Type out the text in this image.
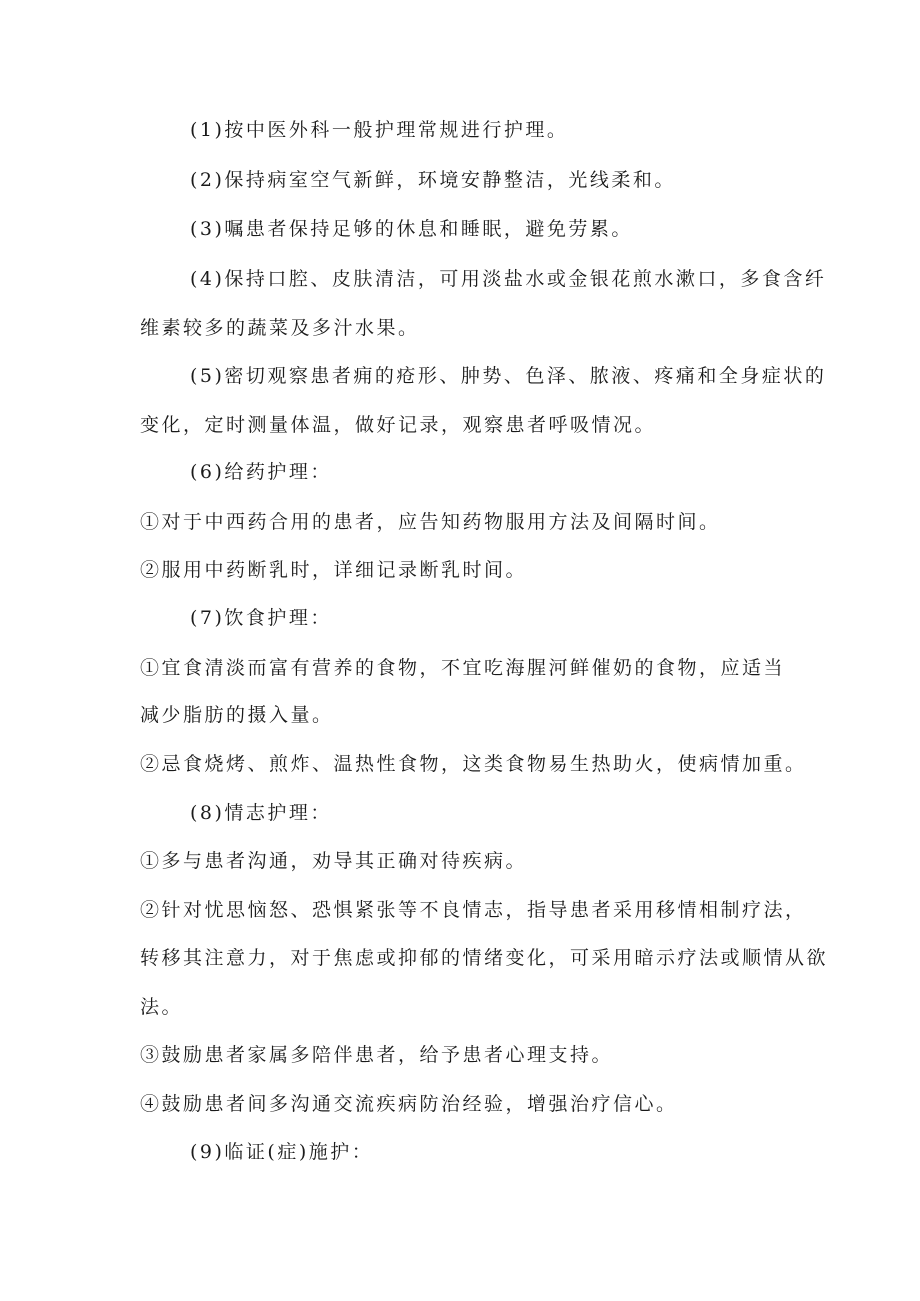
(1)按中医外科一般护理常规进行护理。
(2)保持病室空气新鲜，环境安静整洁，光线柔和。
(3)嘱患者保持足够的休息和睡眠，避免劳累。
(4)保持口腔、皮肤清洁，可用淡盐水或金银花煎水漱口，多食含纤
维素较多的蔬菜及多汁水果。
(5)密切观察患者痈的疮形、肿势、色泽、脓液、疼痛和全身症状的
变化，定时测量体温，做好记录，观察患者呼吸情况。
(6)给药护理：
①对于中西药合用的患者，应告知药物服用方法及间隔时间。
②服用中药断乳时，详细记录断乳时间。
(7)饮食护理：
①宜食清淡而富有营养的食物，不宜吃海腥河鲜催奶的食物，应适当
减少脂肪的摄入量。
②忌食烧烤、煎炸、温热性食物，这类食物易生热助火，使病情加重。
(8)情志护理：
①多与患者沟通，劝导其正确对待疾病。
②针对忧思恼怒、恐惧紧张等不良情志，指导患者采用移情相制疗法，
转移其注意力，对于焦虑或抑郁的情绪变化，可采用暗示疗法或顺情从欲
法。
③鼓励患者家属多陪伴患者，给予患者心理支持。
④鼓励患者间多沟通交流疾病防治经验，增强治疗信心。
(9)临证(症)施护：
